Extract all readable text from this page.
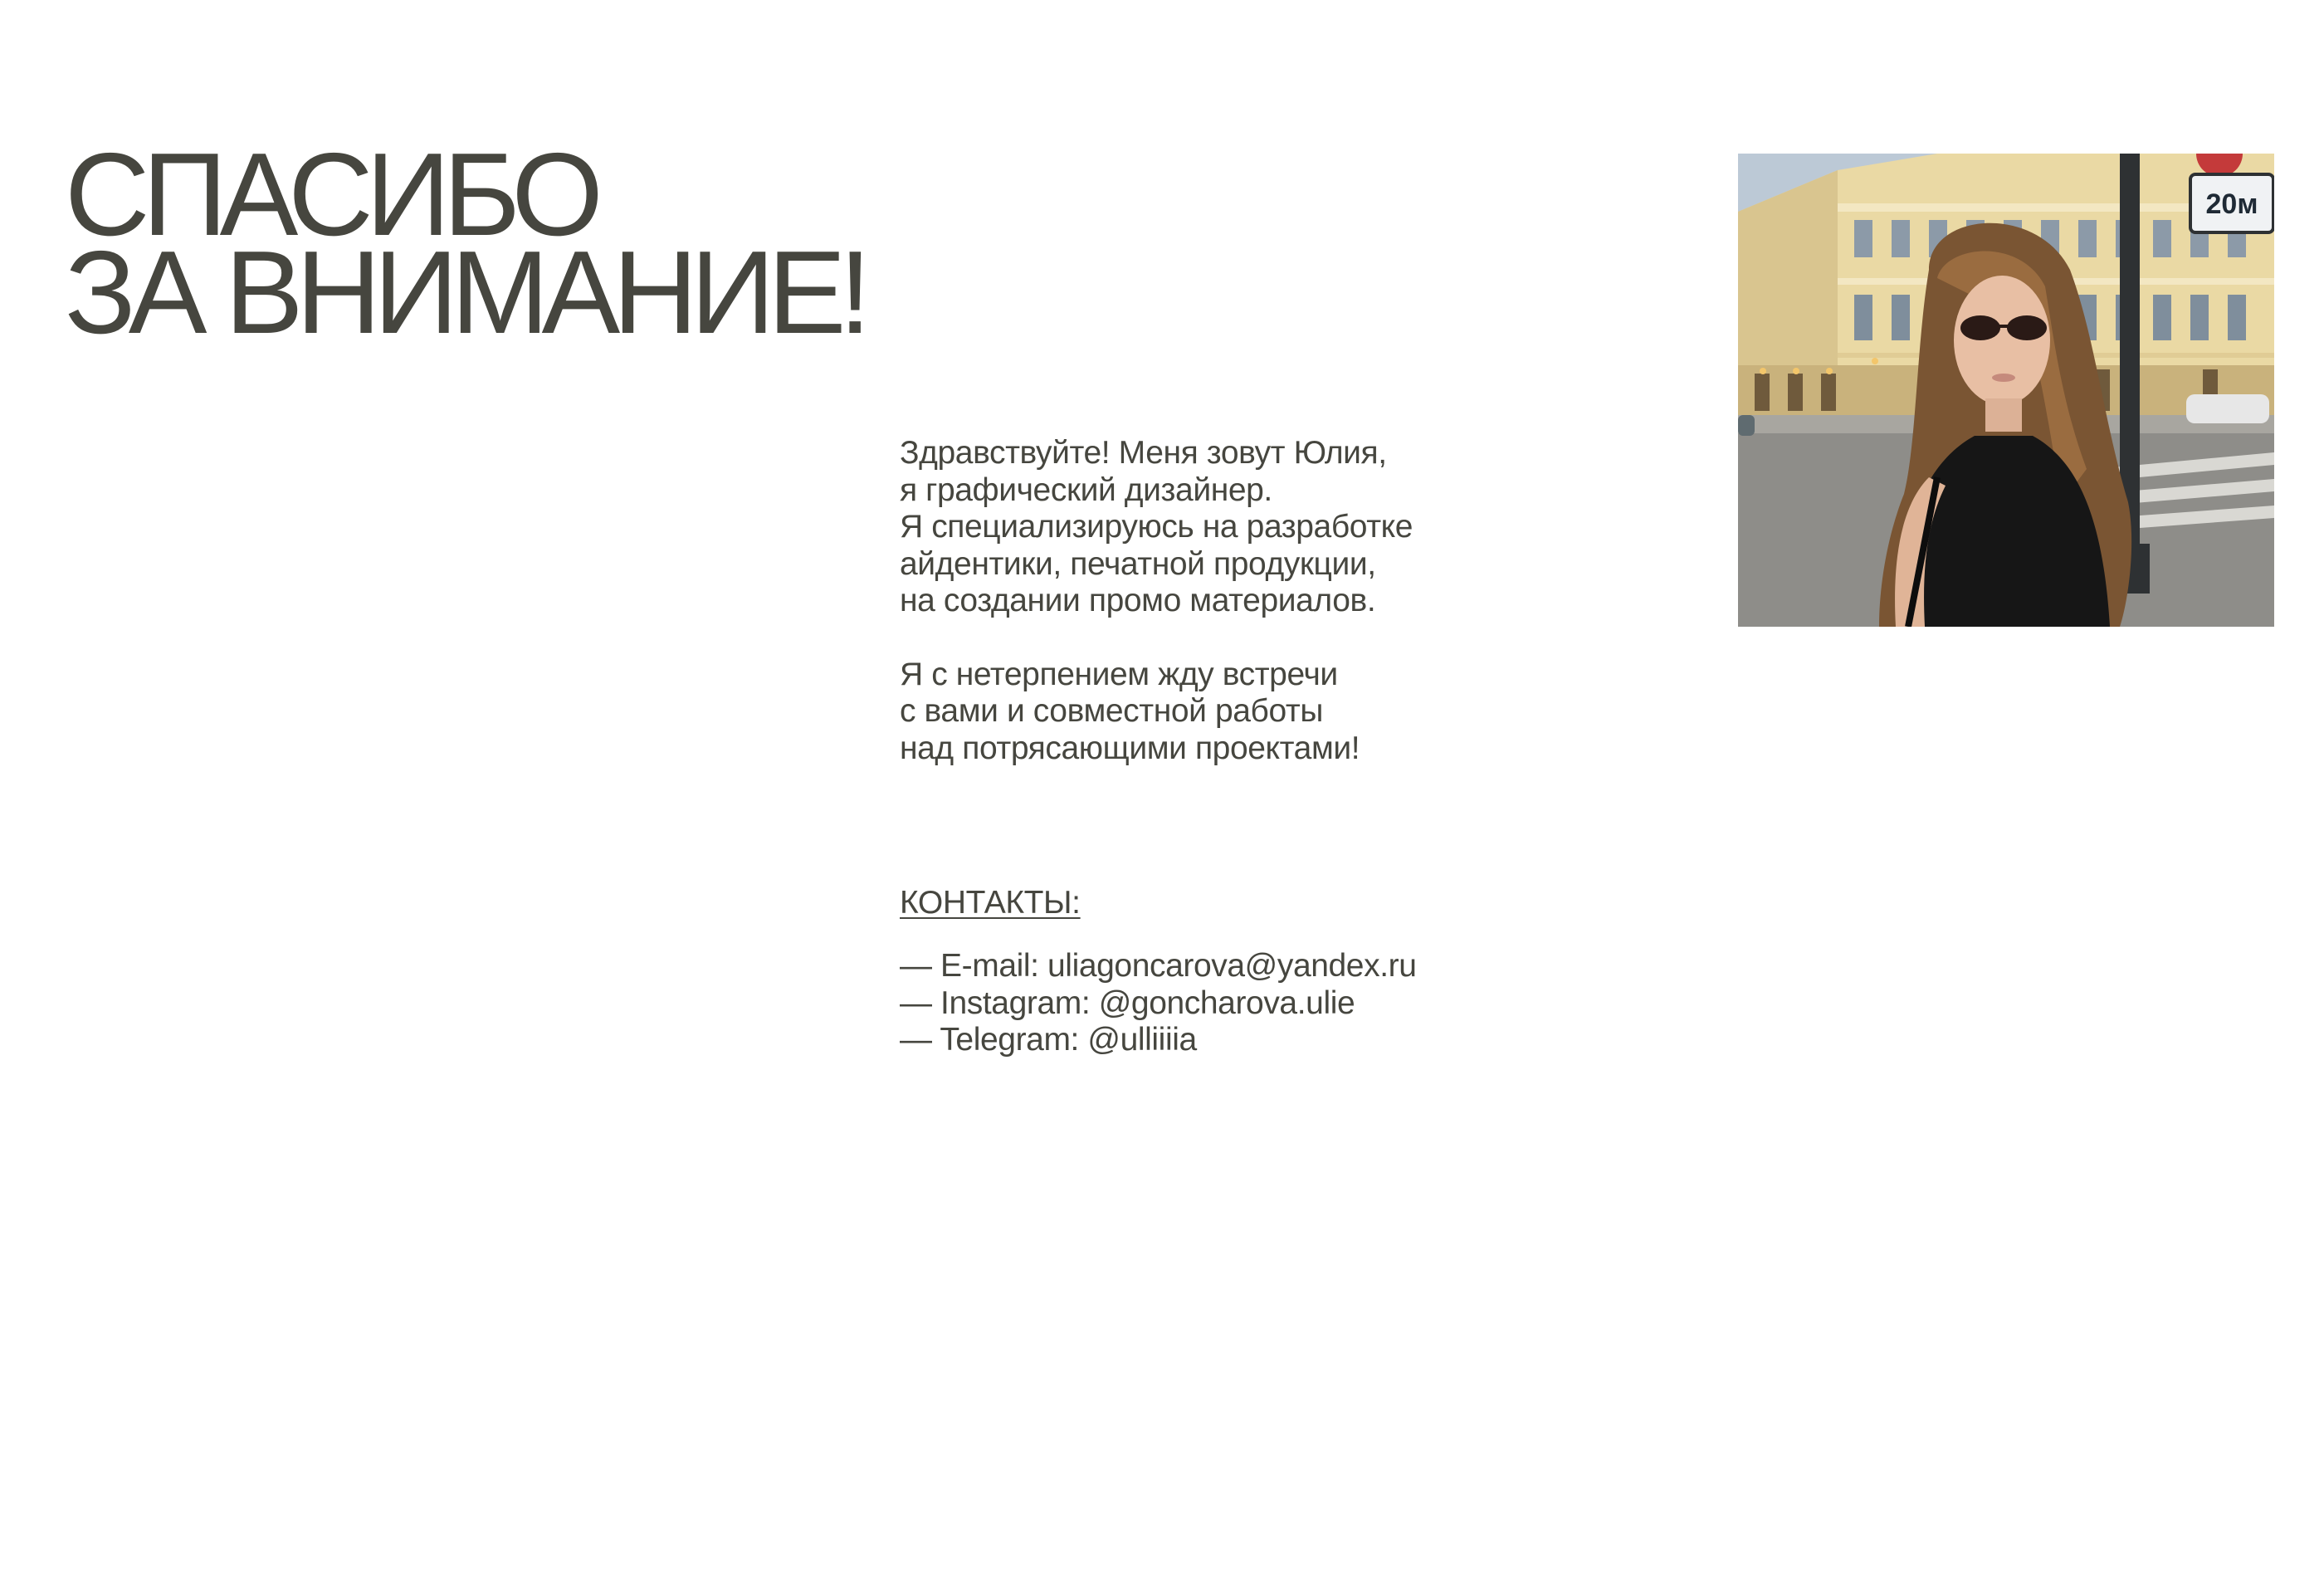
СПАСИБО
ЗА ВНИМАНИЕ!
Здравствуйте! Меня зовут Юлия,
я графический дизайнер.
Я специализируюсь на разработке
айдентики, печатной продукции,
на создании промо материалов.
Я с нетерпением жду встречи
с вами и совместной работы
над потрясающими проектами!
КОНТАКТЫ:
— E-mail: uliagoncarova@yandex.ru
— Instagram: @goncharova.ulie
— Telegram: @ulliiiia
20м
